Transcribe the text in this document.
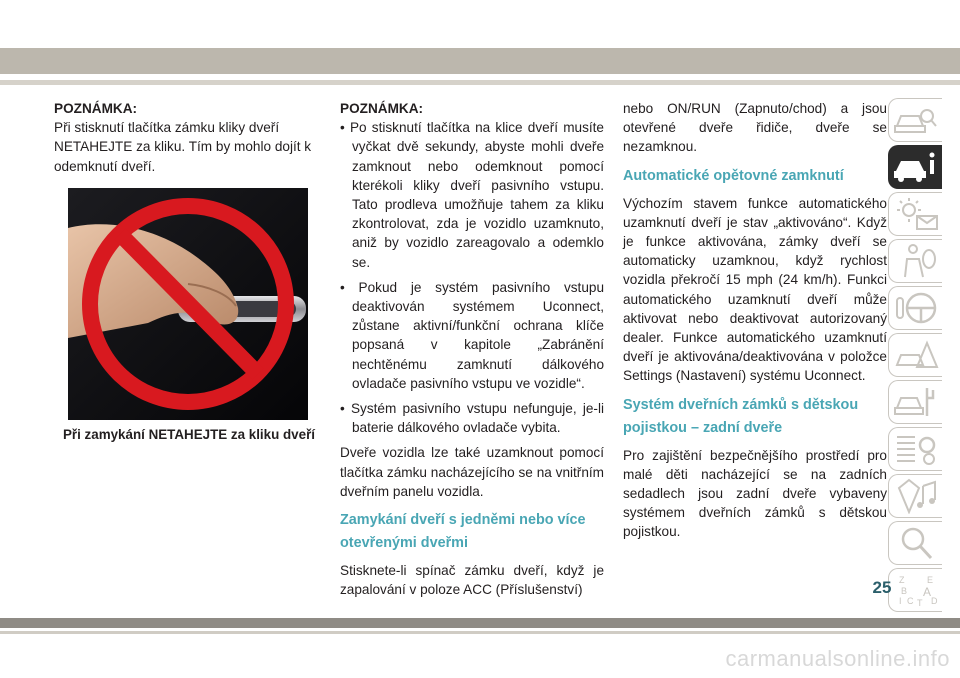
POZNÁMKA:

Při stisknutí tlačítka zámku kliky dveří NETAHEJTE za kliku. Tím by mohlo dojít k odemknutí dveří.

Při zamykání NETAHEJTE za kliku dveří

POZNÁMKA:

• Po stisknutí tlačítka na klice dveří musíte vyčkat dvě sekundy, abyste mohli dveře zamknout nebo odemknout pomocí kterékoli kliky dveří pasivního vstupu. Tato prodleva umožňuje tahem za kliku zkontrolovat, zda je vozidlo uzamknuto, aniž by vozidlo zareagovalo a odemklo se.

• Pokud je systém pasivního vstupu deaktivován systémem Uconnect, zůstane aktivní/funkční ochrana klíče popsaná v kapitole „Zabránění nechtěnému zamknutí dálkového ovladače pasivního vstupu ve vozidle“.

• Systém pasivního vstupu nefunguje, je-li baterie dálkového ovladače vybita.

Dveře vozidla lze také uzamknout pomocí tlačítka zámku nacházejícího se na vnitřním dveřním panelu vozidla.

Zamykání dveří s jedněmi nebo více otevřenými dveřmi

Stisknete-li spínač zámku dveří, když je zapalování v poloze ACC (Příslušenství)

nebo ON/RUN (Zapnuto/chod) a jsou otevřené dveře řidiče, dveře se nezamknou.

Automatické opětovné zamknutí

Výchozím stavem funkce automatického uzamknutí dveří je stav „aktivováno“. Když je funkce aktivována, zámky dveří se automaticky uzamknou, když rychlost vozidla překročí 15 mph (24 km/h). Funkci automatického uzamknutí dveří může aktivovat nebo deaktivovat autorizovaný dealer. Funkce automatického uzamknutí dveří je aktivována/deaktivována v položce Settings (Nastavení) systému Uconnect.

Systém dveřních zámků s dětskou pojistkou – zadní dveře

Pro zajištění bezpečnějšího prostředí pro malé děti nacházející se na zadních sedadlech jsou zadní dveře vybaveny systémem dveřních zámků s dětskou pojistkou.

Z	E
B A
C D
I T
25
carmanualsonline.info
